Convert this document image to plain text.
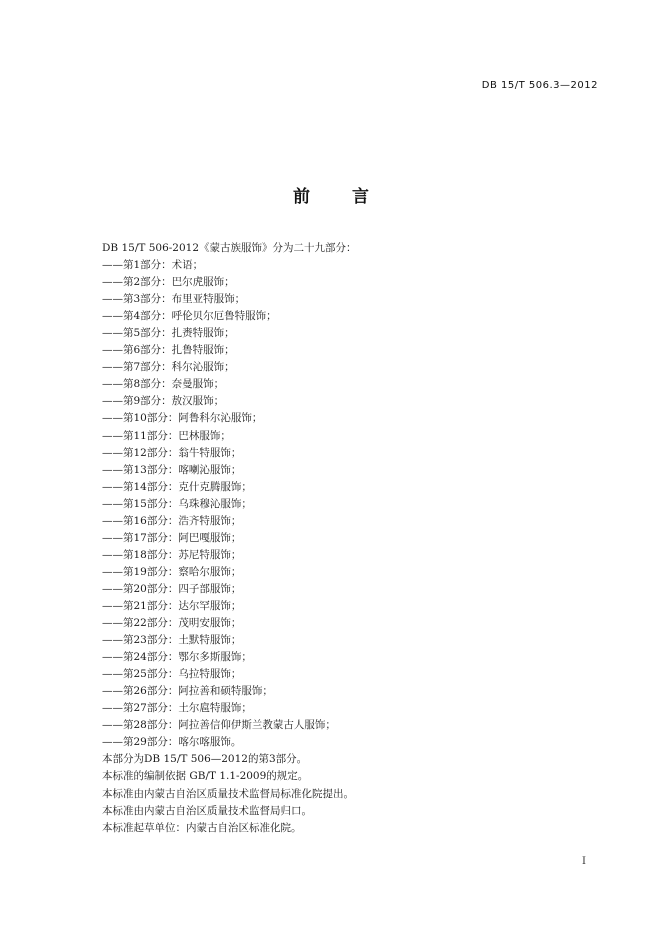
DB 15/T 506.3—2012
前 言
DB 15/T 506-2012《蒙古族服饰》分为二十九部分：
——第1部分：术语；
——第2部分：巴尔虎服饰；
——第3部分：布里亚特服饰；
——第4部分：呼伦贝尔厄鲁特服饰；
——第5部分：扎赉特服饰；
——第6部分：扎鲁特服饰；
——第7部分：科尔沁服饰；
——第8部分：奈曼服饰；
——第9部分：敖汉服饰；
——第10部分：阿鲁科尔沁服饰；
——第11部分：巴林服饰；
——第12部分：翁牛特服饰；
——第13部分：喀喇沁服饰；
——第14部分：克什克腾服饰；
——第15部分：乌珠穆沁服饰；
——第16部分：浩齐特服饰；
——第17部分：阿巴嘎服饰；
——第18部分：苏尼特服饰；
——第19部分：察哈尔服饰；
——第20部分：四子部服饰；
——第21部分：达尔罕服饰；
——第22部分：茂明安服饰；
——第23部分：土默特服饰；
——第24部分：鄂尔多斯服饰；
——第25部分：乌拉特服饰；
——第26部分：阿拉善和硕特服饰；
——第27部分：土尔扈特服饰；
——第28部分：阿拉善信仰伊斯兰教蒙古人服饰；
——第29部分：喀尔喀服饰。
本部分为DB 15/T 506—2012的第3部分。
本标准的编制依据 GB/T 1.1-2009的规定。
本标准由内蒙古自治区质量技术监督局标准化院提出。
本标准由内蒙古自治区质量技术监督局归口。
本标准起草单位：内蒙古自治区标准化院。
I
